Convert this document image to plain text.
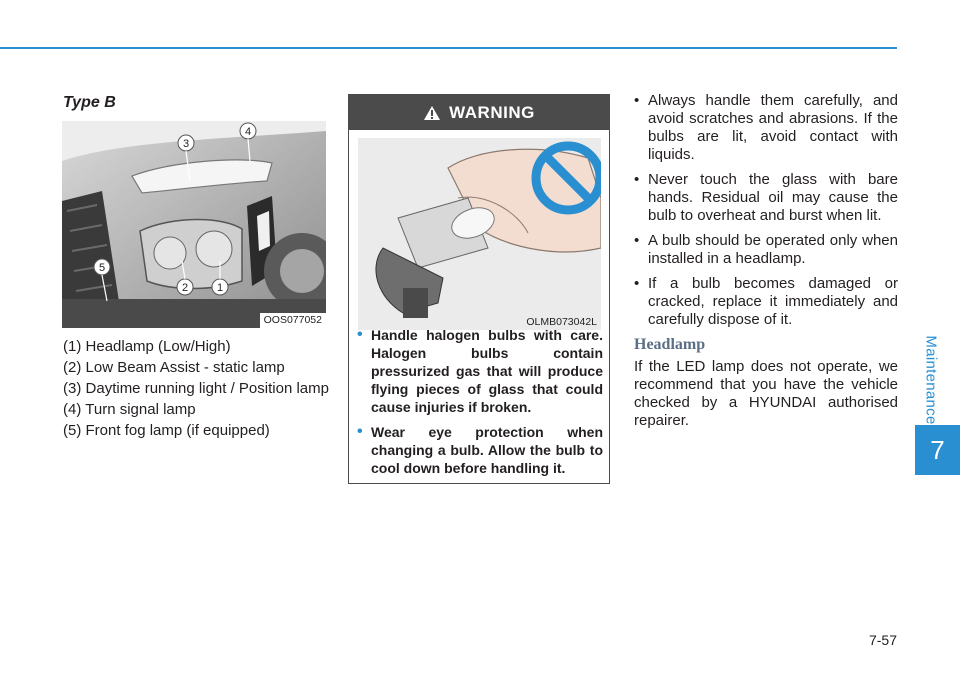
Maintenance
7
7-57
Type B
1
2
3
4
5
OOS077052
(1) Headlamp (Low/High)
(2) Low Beam Assist - static lamp
(3) Daytime running light / Position lamp
(4) Turn signal lamp
(5) Front fog lamp (if equipped)
WARNING
OLMB073042L
• Handle halogen bulbs with care. Halogen bulbs contain pressurized gas that will produce flying pieces of glass that could cause injuries if broken.
• Wear eye protection when changing a bulb. Allow the bulb to cool down before handling it.
• Always handle them carefully, and avoid scratches and abrasions. If the bulbs are lit, avoid contact with liquids.
• Never touch the glass with bare hands. Residual oil may cause the bulb to overheat and burst when lit.
• A bulb should be operated only when installed in a headlamp.
• If a bulb becomes damaged or cracked, replace it immediately and carefully dispose of it.
Headlamp

If the LED lamp does not operate, we recommend that you have the vehicle checked by a HYUNDAI authorised repairer.
